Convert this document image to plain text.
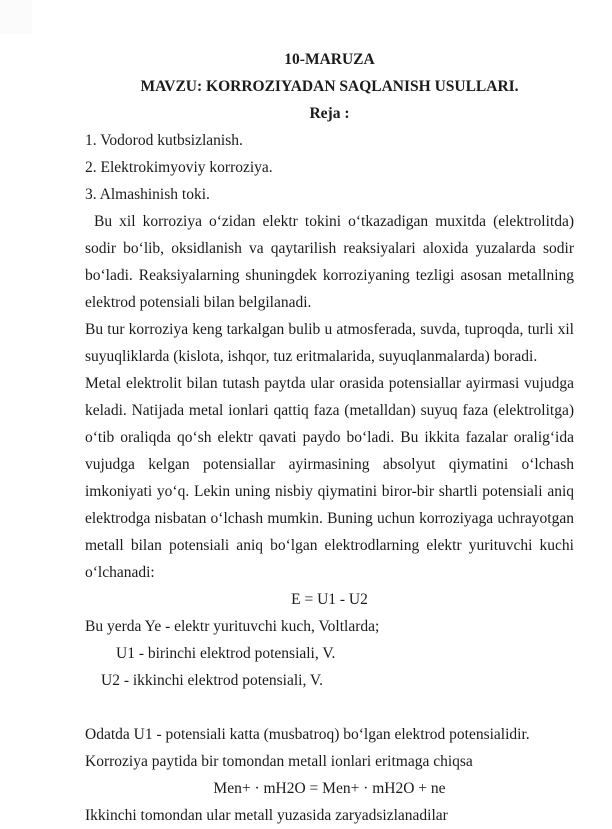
10-MARUZA

MAVZU: KORROZIYADAN SAQLANISH USULLARI.

Reja :

1. Vodorod kutbsizlanish.

2. Elektrokimyoviy korroziya.

3. Almashinish toki.

Bu xil korroziya o‘zidan elektr tokini o‘tkazadigan muxitda (elektrolitda) sodir bo‘lib, oksidlanish va qaytarilish reaksiyalari aloxida yuzalarda sodir bo‘ladi. Reaksiyalarning shuningdek korroziyaning tezligi asosan metallning elektrod potensiali bilan belgilanadi.

Bu tur korroziya keng tarkalgan bulib u atmosferada, suvda, tuproqda, turli xil suyuqliklarda (kislota, ishqor, tuz eritmalarida, suyuqlanmalarda) boradi.

Metal elektrolit bilan tutash paytda ular orasida potensiallar ayirmasi vujudga keladi. Natijada metal ionlari qattiq faza (metalldan) suyuq faza (elektrolitga) o‘tib oraliqda qo‘sh elektr qavati paydo bo‘ladi. Bu ikkita fazalar oralig‘ida vujudga kelgan potensiallar ayirmasining absolyut qiymatini o‘lchash imkoniyati yo‘q. Lekin uning nisbiy qiymatini biror-bir shartli potensiali aniq elektrodga nisbatan o‘lchash mumkin. Buning uchun korroziyaga uchrayotgan metall bilan potensiali aniq bo‘lgan elektrodlarning elektr yurituvchi kuchi o‘lchanadi:

E = U1 - U2

Bu yerda Ye - elektr yurituvchi kuch, Voltlarda;

U1 - birinchi elektrod potensiali, V.

U2 - ikkinchi elektrod potensiali, V.

Odatda U1 - potensiali katta (musbatroq) bo‘lgan elektrod potensialidir.

Korroziya paytida bir tomondan metall ionlari eritmaga chiqsa

Men+ · mH2O = Men+ · mH2O + ne

Ikkinchi tomondan ular metall yuzasida zaryadsizlanadilar
